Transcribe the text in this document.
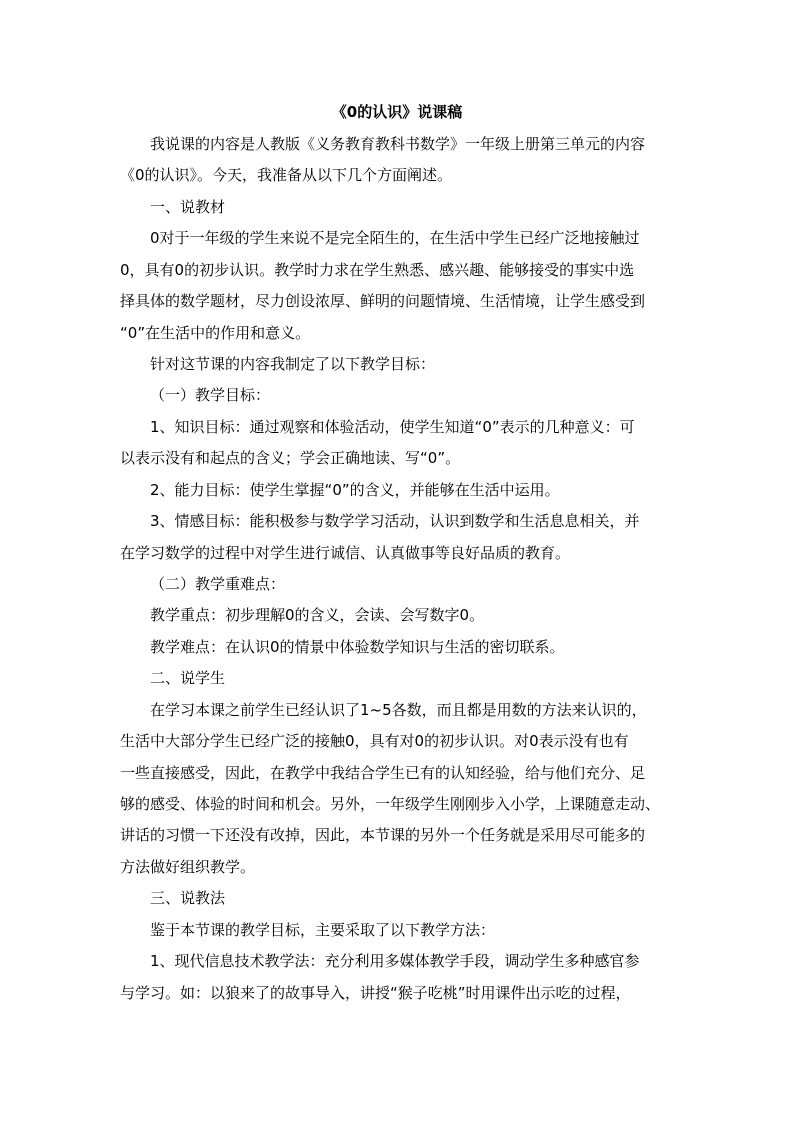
《0的认识》说课稿
我说课的内容是人教版《义务教育教科书数学》一年级上册第三单元的内容
《0的认识》。今天，我准备从以下几个方面阐述。
一、说教材
0对于一年级的学生来说不是完全陌生的，在生活中学生已经广泛地接触过
0，具有0的初步认识。教学时力求在学生熟悉、感兴趣、能够接受的事实中选
择具体的数学题材，尽力创设浓厚、鲜明的问题情境、生活情境，让学生感受到
“0”在生活中的作用和意义。
针对这节课的内容我制定了以下教学目标：
（一）教学目标：
1、知识目标：通过观察和体验活动，使学生知道“0”表示的几种意义：可
以表示没有和起点的含义；学会正确地读、写“0”。
2、能力目标：使学生掌握“0”的含义，并能够在生活中运用。
3、情感目标：能积极参与数学学习活动，认识到数学和生活息息相关，并
在学习数学的过程中对学生进行诚信、认真做事等良好品质的教育。
（二）教学重难点：
教学重点：初步理解0的含义，会读、会写数字0。
教学难点：在认识0的情景中体验数学知识与生活的密切联系。
二、说学生
在学习本课之前学生已经认识了1~5各数，而且都是用数的方法来认识的，
生活中大部分学生已经广泛的接触0，具有对0的初步认识。对0表示没有也有
一些直接感受，因此，在教学中我结合学生已有的认知经验，给与他们充分、足
够的感受、体验的时间和机会。另外，一年级学生刚刚步入小学，上课随意走动、
讲话的习惯一下还没有改掉，因此，本节课的另外一个任务就是采用尽可能多的
方法做好组织教学。
三、说教法
鉴于本节课的教学目标，主要采取了以下教学方法：
1、现代信息技术教学法：充分利用多媒体教学手段，调动学生多种感官参
与学习。如：以狼来了的故事导入，讲授“猴子吃桃”时用课件出示吃的过程，
